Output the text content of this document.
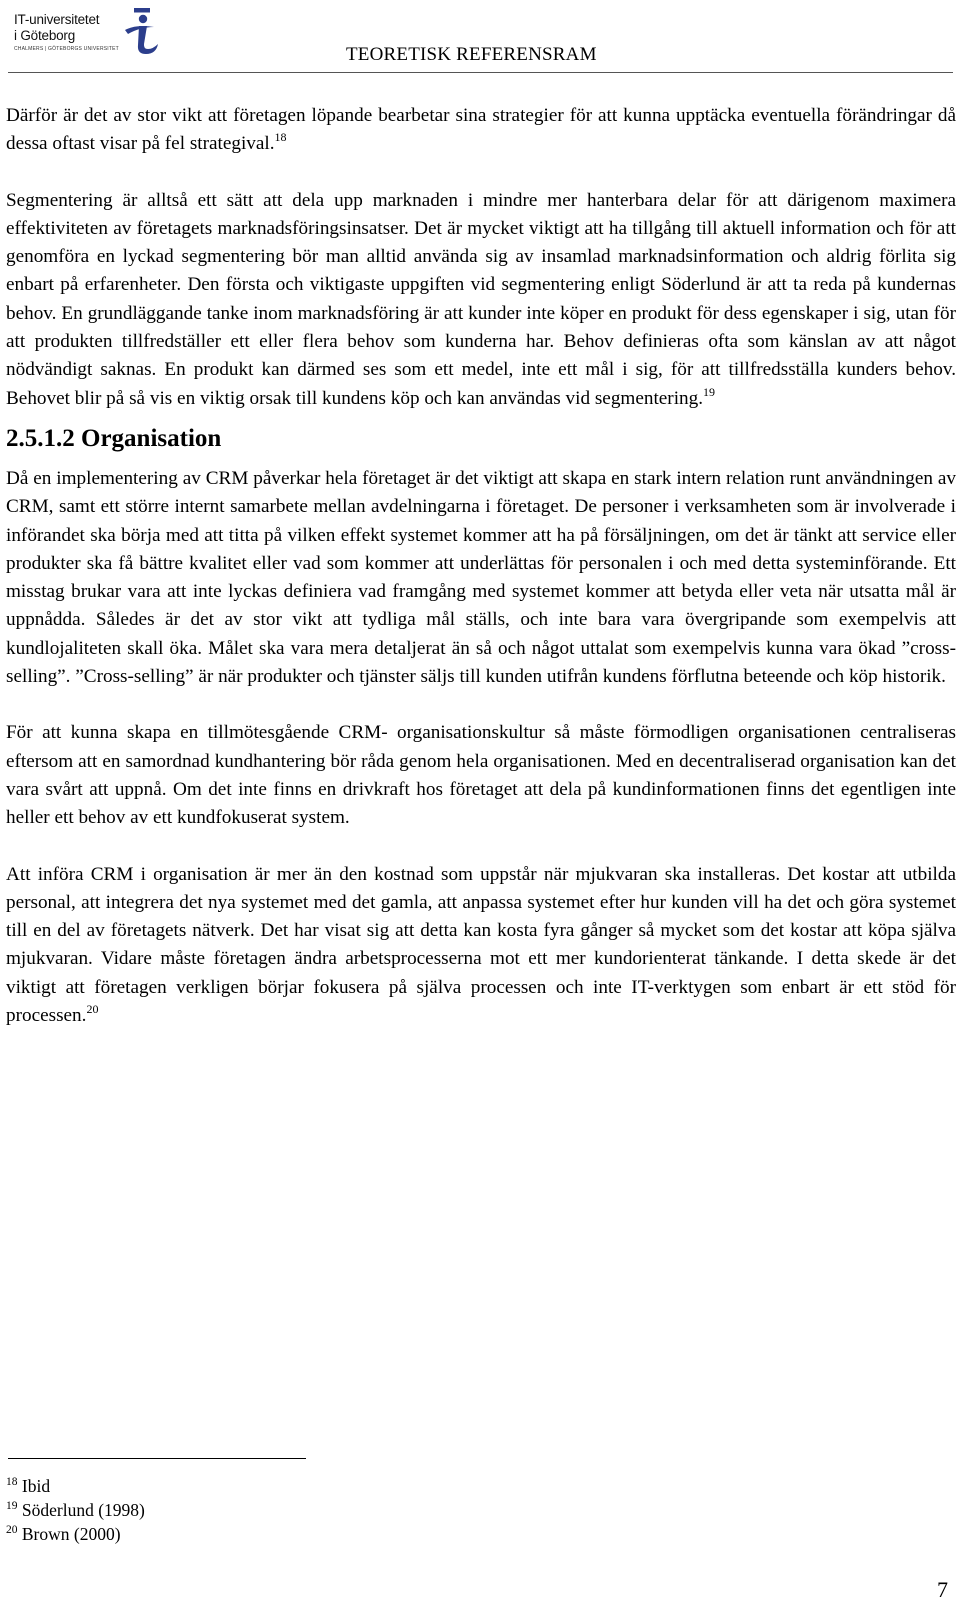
IT-universitetet
i Göteborg
CHALMERS | GÖTEBORGS UNIVERSITET	TEORETISK REFERENSRAM

Därför är det av stor vikt att företagen löpande bearbetar sina strategier för att kunna upptäcka eventuella förändringar då dessa oftast visar på fel strategival.$^{18}$

Segmentering är alltså ett sätt att dela upp marknaden i mindre mer hanterbara delar för att därigenom maximera effektiviteten av företagets marknadsföringsinsatser. Det är mycket viktigt att ha tillgång till aktuell information och för att genomföra en lyckad segmentering bör man alltid använda sig av insamlad marknadsinformation och aldrig förlita sig enbart på erfarenheter. Den första och viktigaste uppgiften vid segmentering enligt Söderlund är att ta reda på kundernas behov. En grundläggande tanke inom marknadsföring är att kunder inte köper en produkt för dess egenskaper i sig, utan för att produkten tillfredställer ett eller flera behov som kunderna har. Behov definieras ofta som känslan av att något nödvändigt saknas. En produkt kan därmed ses som ett medel, inte ett mål i sig, för att tillfredsställa kunders behov. Behovet blir på så vis en viktig orsak till kundens köp och kan användas vid segmentering.$^{19}$

2.5.1.2 Organisation

Då en implementering av CRM påverkar hela företaget är det viktigt att skapa en stark intern relation runt användningen av CRM, samt ett större internt samarbete mellan avdelningarna i företaget. De personer i verksamheten som är involverade i införandet ska börja med att titta på vilken effekt systemet kommer att ha på försäljningen, om det är tänkt att service eller produkter ska få bättre kvalitet eller vad som kommer att underlättas för personalen i och med detta systeminförande. Ett misstag brukar vara att inte lyckas definiera vad framgång med systemet kommer att betyda eller veta när utsatta mål är uppnådda. Således är det av stor vikt att tydliga mål ställs, och inte bara vara övergripande som exempelvis att kundlojaliteten skall öka. Målet ska vara mera detaljerat än så och något uttalat som exempelvis kunna vara ökad ”cross-selling”. ”Cross-selling” är när produkter och tjänster säljs till kunden utifrån kundens förflutna beteende och köp historik.

För att kunna skapa en tillmötesgående CRM- organisationskultur så måste förmodligen organisationen centraliseras eftersom att en samordnad kundhantering bör råda genom hela organisationen. Med en decentraliserad organisation kan det vara svårt att uppnå. Om det inte finns en drivkraft hos företaget att dela på kundinformationen finns det egentligen inte heller ett behov av ett kundfokuserat system.

Att införa CRM i organisation är mer än den kostnad som uppstår när mjukvaran ska installeras. Det kostar att utbilda personal, att integrera det nya systemet med det gamla, att anpassa systemet efter hur kunden vill ha det och göra systemet till en del av företagets nätverk. Det har visat sig att detta kan kosta fyra gånger så mycket som det kostar att köpa själva mjukvaran. Vidare måste företagen ändra arbetsprocesserna mot ett mer kundorienterat tänkande. I detta skede är det viktigt att företagen verkligen börjar fokusera på själva processen och inte IT-verktygen som enbart är ett stöd för processen.$^{20}$

$^{18}$ Ibid
$^{19}$ Söderlund (1998)
$^{20}$ Brown (2000)
7
